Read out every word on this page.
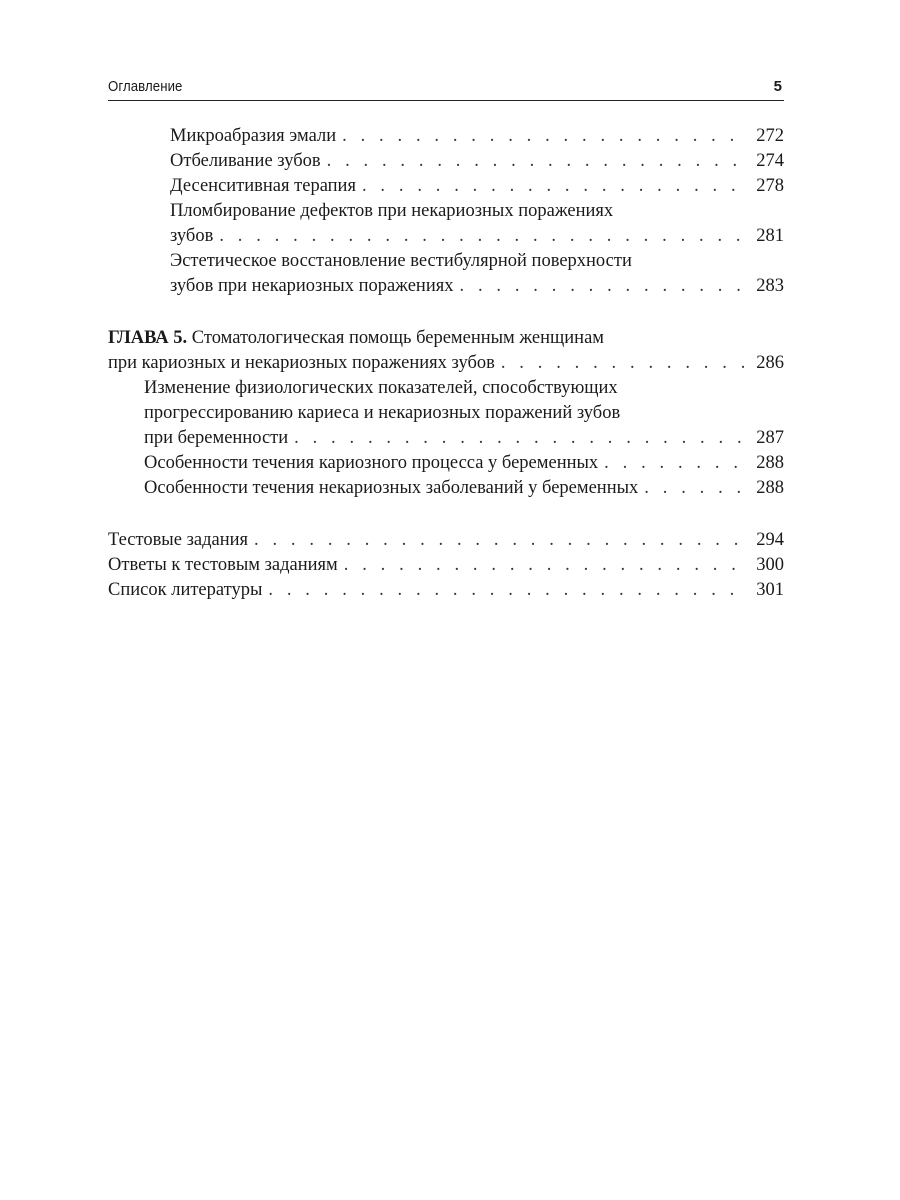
Оглавление	5
Микроабразия эмали . . .	272
Отбеливание зубов . . .	274
Десенситивная терапия . . .	278
Пломбирование дефектов при некариозных поражениях
зубов . . .	281
Эстетическое восстановление вестибулярной поверхности
зубов при некариозных поражениях . . .	283
ГЛАВА 5. Стоматологическая помощь беременным женщинам
при кариозных и некариозных поражениях зубов . . .	286
Изменение физиологических показателей, способствующих
прогрессированию кариеса и некариозных поражений зубов
при беременности . . .	287
Особенности течения кариозного процесса у беременных . . .	288
Особенности течения некариозных заболеваний у беременных . . .	288
Тестовые задания . . .	294
Ответы к тестовым заданиям . . .	300
Список литературы . . .	301
